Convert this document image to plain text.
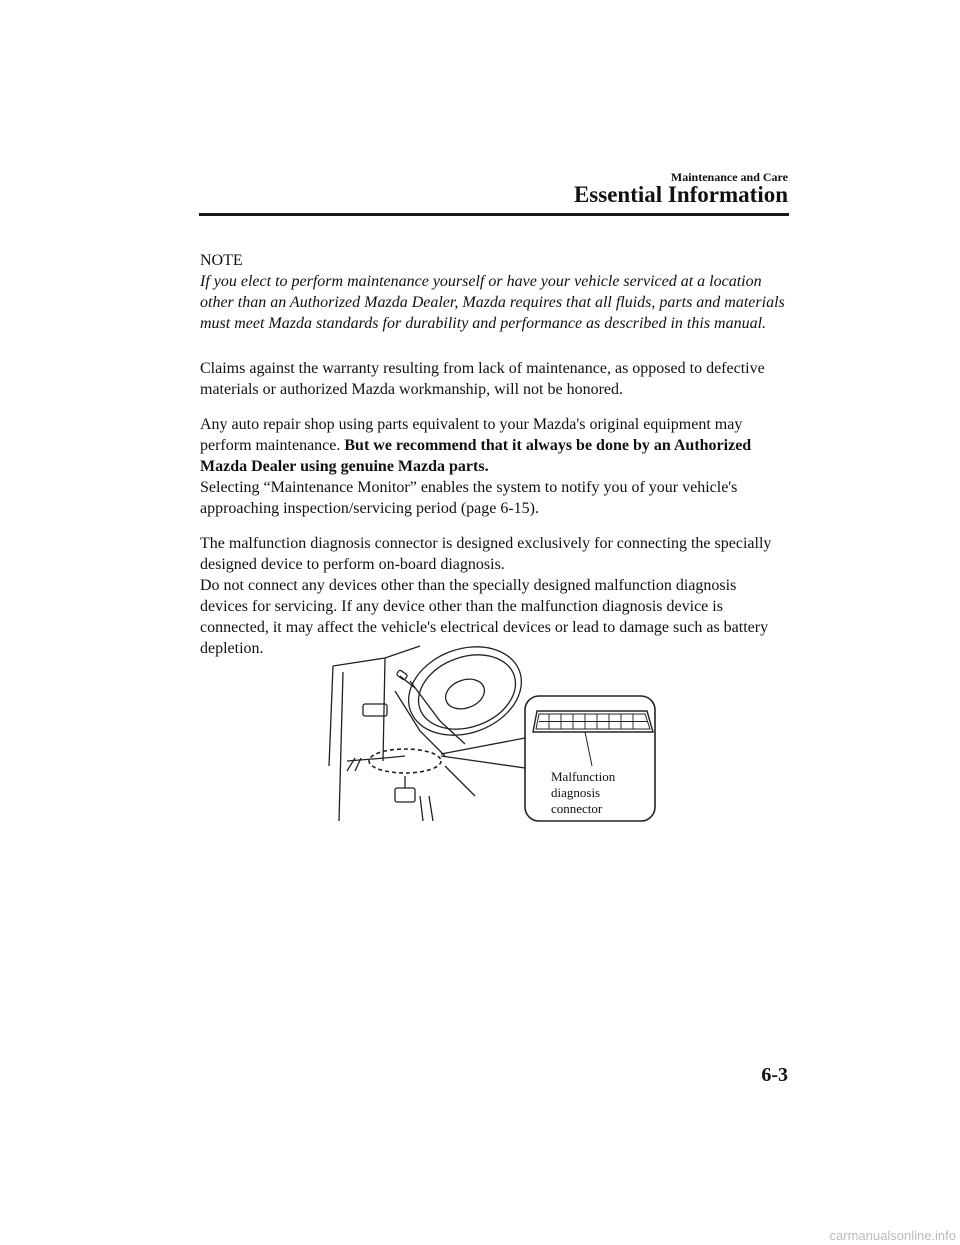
Maintenance and Care
Essential Information

NOTE

If you elect to perform maintenance yourself or have your vehicle serviced at a location other than an Authorized Mazda Dealer, Mazda requires that all fluids, parts and materials must meet Mazda standards for durability and performance as described in this manual.

Claims against the warranty resulting from lack of maintenance, as opposed to defective materials or authorized Mazda workmanship, will not be honored.

Any auto repair shop using parts equivalent to your Mazda's original equipment may perform maintenance. But we recommend that it always be done by an Authorized Mazda Dealer using genuine Mazda parts.

Selecting “Maintenance Monitor” enables the system to notify you of your vehicle's approaching inspection/servicing period (page 6-15).

The malfunction diagnosis connector is designed exclusively for connecting the specially designed device to perform on-board diagnosis.

Do not connect any devices other than the specially designed malfunction diagnosis devices for servicing. If any device other than the malfunction diagnosis device is connected, it may affect the vehicle's electrical devices or lead to damage such as battery depletion.

Malfunction
diagnosis
connector
6-3
carmanualsonline.info
